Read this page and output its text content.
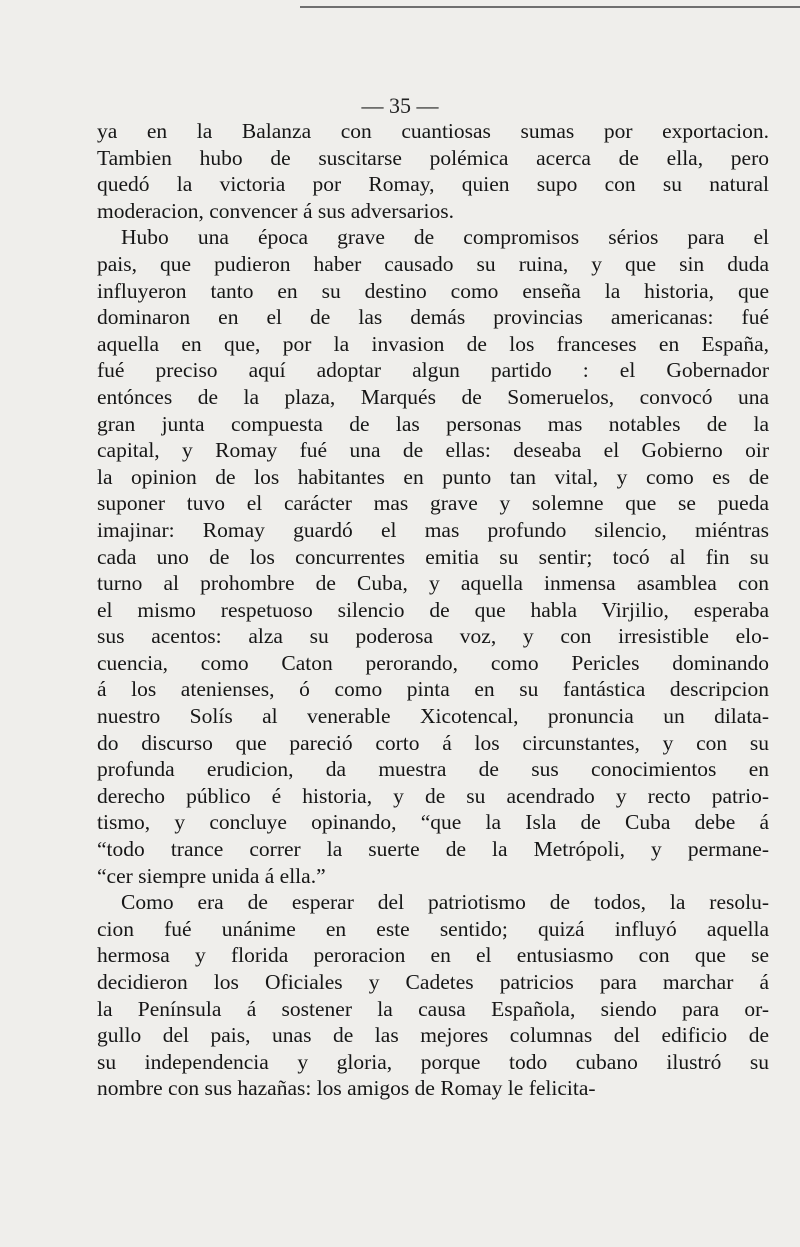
— 35 —
ya en la Balanza con cuantiosas sumas por exportacion.
Tambien hubo de suscitarse polémica acerca de ella, pero
quedó la victoria por Romay, quien supo con su natural
moderacion, convencer á sus adversarios.
Hubo una época grave de compromisos sérios para el
pais, que pudieron haber causado su ruina, y que sin duda
influyeron tanto en su destino como enseña la historia, que
dominaron en el de las demás provincias americanas: fué
aquella en que, por la invasion de los franceses en España,
fué preciso aquí adoptar algun partido : el Gobernador
entónces de la plaza, Marqués de Someruelos, convocó una
gran junta compuesta de las personas mas notables de la
capital, y Romay fué una de ellas: deseaba el Gobierno oir
la opinion de los habitantes en punto tan vital, y como es de
suponer tuvo el carácter mas grave y solemne que se pueda
imajinar: Romay guardó el mas profundo silencio, miéntras
cada uno de los concurrentes emitia su sentir; tocó al fin su
turno al prohombre de Cuba, y aquella inmensa asamblea con
el mismo respetuoso silencio de que habla Virjilio, esperaba
sus acentos: alza su poderosa voz, y con irresistible elo-
cuencia, como Caton perorando, como Pericles dominando
á los atenienses, ó como pinta en su fantástica descripcion
nuestro Solís al venerable Xicotencal, pronuncia un dilata-
do discurso que pareció corto á los circunstantes, y con su
profunda erudicion, da muestra de sus conocimientos en
derecho público é historia, y de su acendrado y recto patrio-
tismo, y concluye opinando, “que la Isla de Cuba debe á
“todo trance correr la suerte de la Metrópoli, y permane-
“cer siempre unida á ella.”
Como era de esperar del patriotismo de todos, la resolu-
cion fué unánime en este sentido; quizá influyó aquella
hermosa y florida peroracion en el entusiasmo con que se
decidieron los Oficiales y Cadetes patricios para marchar á
la Península á sostener la causa Española, siendo para or-
gullo del pais, unas de las mejores columnas del edificio de
su independencia y gloria, porque todo cubano ilustró su
nombre con sus hazañas: los amigos de Romay le felicita-
